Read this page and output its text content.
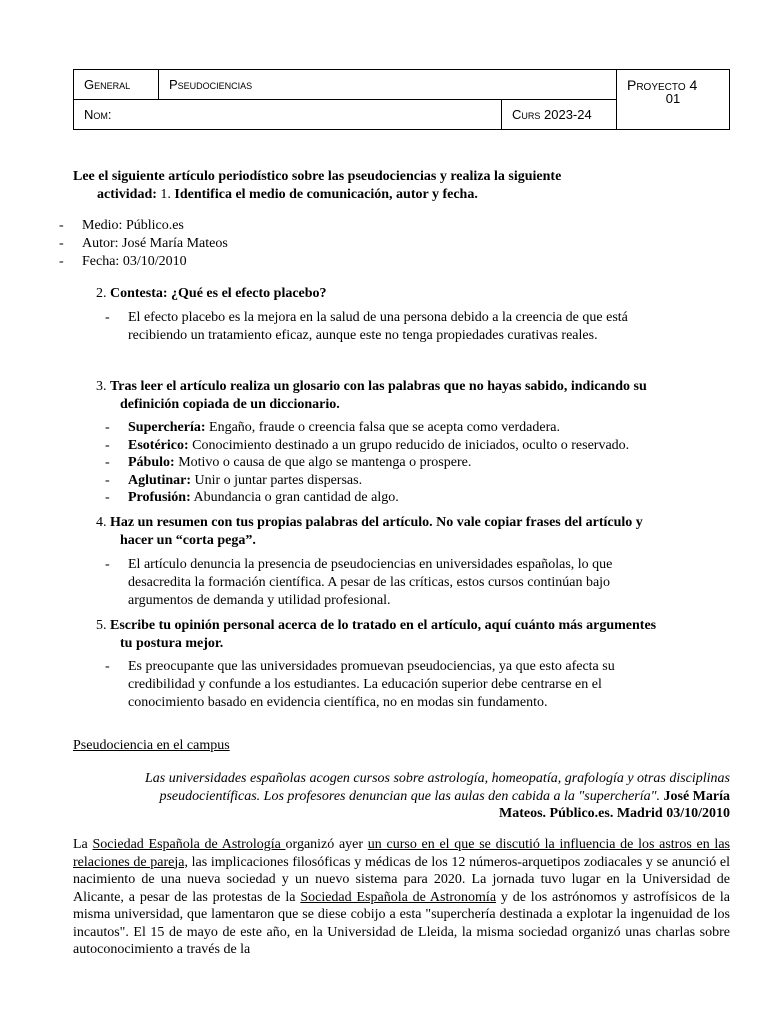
General	Pseudociencias		Proyecto 4
Nom:		Curs 2023-24	01

Lee el siguiente artículo periodístico sobre las pseudociencias y realiza la siguiente

actividad: 1. Identifica el medio de comunicación, autor y fecha.

- Medio: Público.es

- Autor: José María Mateos

- Fecha: 03/10/2010

2. Contesta: ¿Qué es el efecto placebo?

- El efecto placebo es la mejora en la salud de una persona debido a la creencia de que está

recibiendo un tratamiento eficaz, aunque este no tenga propiedades curativas reales.

3. Tras leer el artículo realiza un glosario con las palabras que no hayas sabido, indicando su

definición copiada de un diccionario.

- Superchería: Engaño, fraude o creencia falsa que se acepta como verdadera.

- Esotérico: Conocimiento destinado a un grupo reducido de iniciados, oculto o reservado.

- Pábulo: Motivo o causa de que algo se mantenga o prospere.

- Aglutinar: Unir o juntar partes dispersas.

- Profusión: Abundancia o gran cantidad de algo.

4. Haz un resumen con tus propias palabras del artículo. No vale copiar frases del artículo y

hacer un “corta pega”.

- El artículo denuncia la presencia de pseudociencias en universidades españolas, lo que

desacredita la formación científica. A pesar de las críticas, estos cursos continúan bajo

argumentos de demanda y utilidad profesional.

5. Escribe tu opinión personal acerca de lo tratado en el artículo, aquí cuánto más argumentes

tu postura mejor.

- Es preocupante que las universidades promuevan pseudociencias, ya que esto afecta su

credibilidad y confunde a los estudiantes. La educación superior debe centrarse en el

conocimiento basado en evidencia científica, no en modas sin fundamento.

Pseudociencia en el campus

Las universidades españolas acogen cursos sobre astrología, homeopatía, grafología y otras disciplinas
pseudocientíficas. Los profesores denuncian que las aulas den cabida a la "superchería". José María
Mateos. Público.es. Madrid 03/10/2010

La Sociedad Española de Astrología organizó ayer un curso en el que se discutió la influencia de los astros en las relaciones de pareja, las implicaciones filosóficas y médicas de los 12 números-arquetipos zodiacales y se anunció el nacimiento de una nueva sociedad y un nuevo sistema para 2020. La jornada tuvo lugar en la Universidad de Alicante, a pesar de las protestas de la Sociedad Española de Astronomía y de los astrónomos y astrofísicos de la misma universidad, que lamentaron que se diese cobijo a esta "superchería destinada a explotar la ingenuidad de los incautos". El 15 de mayo de este año, en la Universidad de Lleida, la misma sociedad organizó unas charlas sobre autoconocimiento a través de la
